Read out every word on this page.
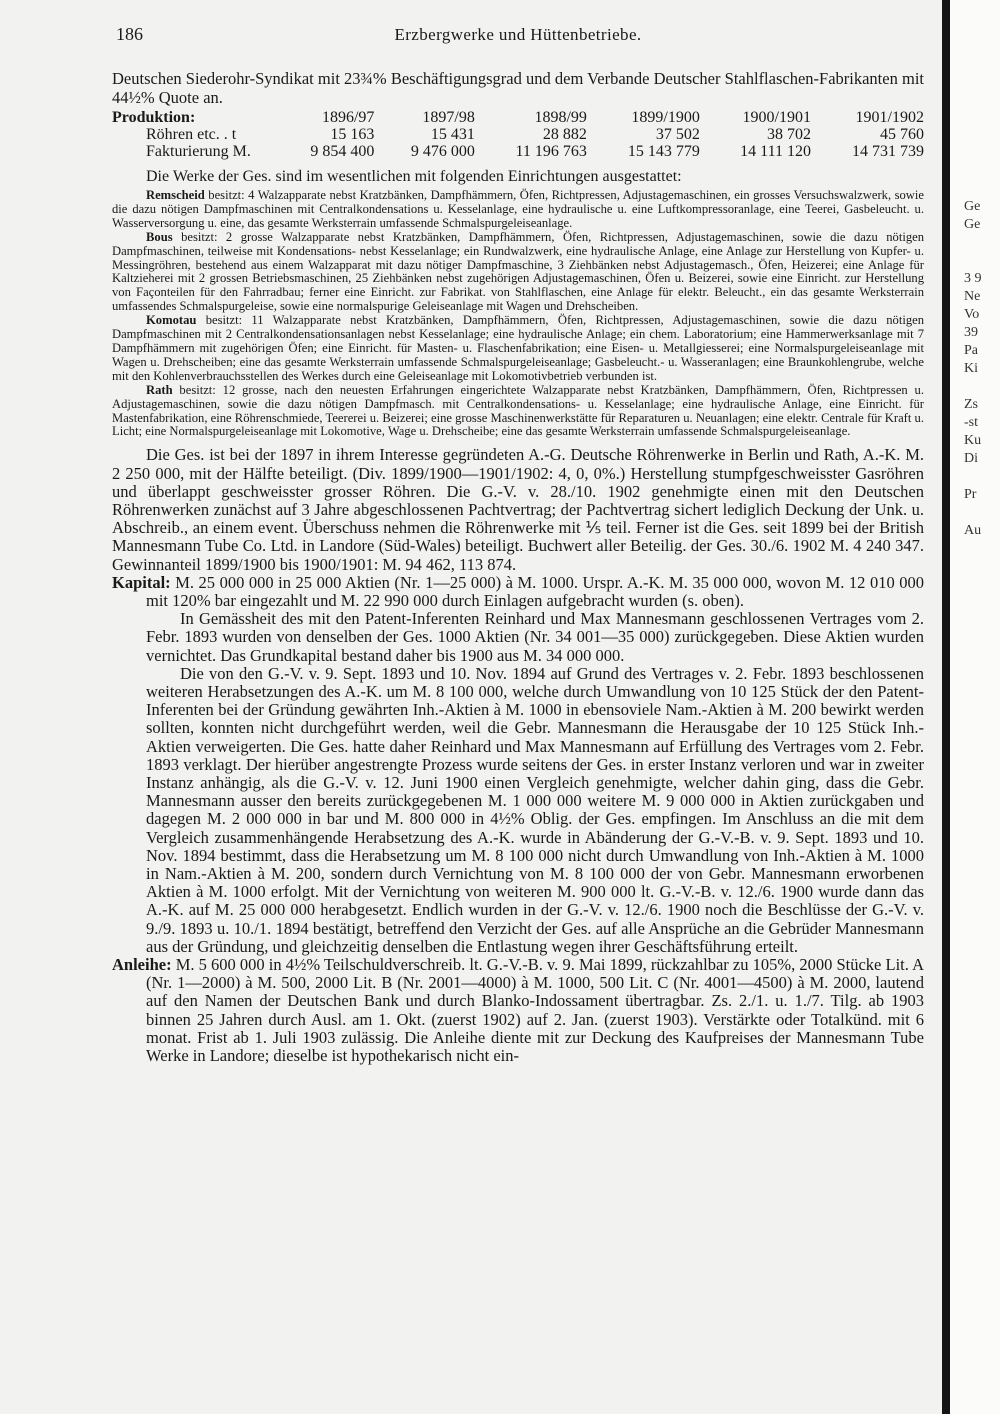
Ge
Ge
3 9
Ne
Vo
39
Pa
Ki
Zs
-st
Ku
Di
Pr
Au
186	Erzbergwerke und Hüttenbetriebe.

Deutschen Siederohr-Syndikat mit 23¾% Beschäftigungsgrad und dem Verbande Deutscher Stahlflaschen-Fabrikanten mit 44½% Quote an.

Produktion:	1896/97	1897/98	1898/99	1899/1900	1900/1901	1901/1902
Röhren etc. . t	15 163	15 431	28 882	37 502	38 702	45 760
Fakturierung M.	9 854 400	9 476 000	11 196 763	15 143 779	14 111 120	14 731 739

Die Werke der Ges. sind im wesentlichen mit folgenden Einrichtungen ausgestattet:

Remscheid besitzt: 4 Walzapparate nebst Kratzbänken, Dampfhämmern, Öfen, Richtpressen, Adjustagemaschinen, ein grosses Versuchswalzwerk, sowie die dazu nötigen Dampfmaschinen mit Centralkondensations u. Kesselanlage, eine hydraulische u. eine Luftkompressoranlage, eine Teerei, Gasbeleucht. u. Wasserversorgung u. eine, das gesamte Werksterrain umfassende Schmalspurgeleiseanlage.

Bous besitzt: 2 grosse Walzapparate nebst Kratzbänken, Dampfhämmern, Öfen, Richtpressen, Adjustagemaschinen, sowie die dazu nötigen Dampfmaschinen, teilweise mit Kondensations- nebst Kesselanlage; ein Rundwalzwerk, eine hydraulische Anlage, eine Anlage zur Herstellung von Kupfer- u. Messingröhren, bestehend aus einem Walzapparat mit dazu nötiger Dampfmaschine, 3 Ziehbänken nebst Adjustagemasch., Öfen, Heizerei; eine Anlage für Kaltzieherei mit 2 grossen Betriebsmaschinen, 25 Ziehbänken nebst zugehörigen Adjustagemaschinen, Öfen u. Beizerei, sowie eine Einricht. zur Herstellung von Façonteilen für den Fahrradbau; ferner eine Einricht. zur Fabrikat. von Stahlflaschen, eine Anlage für elektr. Beleucht., ein das gesamte Werksterrain umfassendes Schmalspurgeleise, sowie eine normalspurige Geleiseanlage mit Wagen und Drehscheiben.

Komotau besitzt: 11 Walzapparate nebst Kratzbänken, Dampfhämmern, Öfen, Richtpressen, Adjustagemaschinen, sowie die dazu nötigen Dampfmaschinen mit 2 Centralkondensationsanlagen nebst Kesselanlage; eine hydraulische Anlage; ein chem. Laboratorium; eine Hammerwerksanlage mit 7 Dampfhämmern mit zugehörigen Öfen; eine Einricht. für Masten- u. Flaschenfabrikation; eine Eisen- u. Metallgiesserei; eine Normalspurgeleiseanlage mit Wagen u. Drehscheiben; eine das gesamte Werksterrain umfassende Schmalspurgeleiseanlage; Gasbeleucht.- u. Wasseranlagen; eine Braunkohlengrube, welche mit den Kohlenverbrauchsstellen des Werkes durch eine Geleiseanlage mit Lokomotivbetrieb verbunden ist.

Rath besitzt: 12 grosse, nach den neuesten Erfahrungen eingerichtete Walzapparate nebst Kratzbänken, Dampfhämmern, Öfen, Richtpressen u. Adjustagemaschinen, sowie die dazu nötigen Dampfmasch. mit Centralkondensations- u. Kesselanlage; eine hydraulische Anlage, eine Einricht. für Mastenfabrikation, eine Röhrenschmiede, Teererei u. Beizerei; eine grosse Maschinenwerkstätte für Reparaturen u. Neuanlagen; eine elektr. Centrale für Kraft u. Licht; eine Normalspurgeleiseanlage mit Lokomotive, Wage u. Drehscheibe; eine das gesamte Werksterrain umfassende Schmalspurgeleiseanlage.

Die Ges. ist bei der 1897 in ihrem Interesse gegründeten A.-G. Deutsche Röhrenwerke in Berlin und Rath, A.-K. M. 2 250 000, mit der Hälfte beteiligt. (Div. 1899/1900—1901/1902: 4, 0, 0%.) Herstellung stumpfgeschweisster Gasröhren und überlappt geschweisster grosser Röhren. Die G.-V. v. 28./10. 1902 genehmigte einen mit den Deutschen Röhrenwerken zunächst auf 3 Jahre abgeschlossenen Pachtvertrag; der Pachtvertrag sichert lediglich Deckung der Unk. u. Abschreib., an einem event. Überschuss nehmen die Röhrenwerke mit ⅕ teil. Ferner ist die Ges. seit 1899 bei der British Mannesmann Tube Co. Ltd. in Landore (Süd-Wales) beteiligt. Buchwert aller Beteilig. der Ges. 30./6. 1902 M. 4 240 347. Gewinnanteil 1899/1900 bis 1900/1901: M. 94 462, 113 874.

Kapital: M. 25 000 000 in 25 000 Aktien (Nr. 1—25 000) à M. 1000. Urspr. A.-K. M. 35 000 000, wovon M. 12 010 000 mit 120% bar eingezahlt und M. 22 990 000 durch Einlagen aufgebracht wurden (s. oben).

In Gemässheit des mit den Patent-Inferenten Reinhard und Max Mannesmann geschlossenen Vertrages vom 2. Febr. 1893 wurden von denselben der Ges. 1000 Aktien (Nr. 34 001—35 000) zurückgegeben. Diese Aktien wurden vernichtet. Das Grundkapital bestand daher bis 1900 aus M. 34 000 000.

Die von den G.-V. v. 9. Sept. 1893 und 10. Nov. 1894 auf Grund des Vertrages v. 2. Febr. 1893 beschlossenen weiteren Herabsetzungen des A.-K. um M. 8 100 000, welche durch Umwandlung von 10 125 Stück der den Patent-Inferenten bei der Gründung gewährten Inh.-Aktien à M. 1000 in ebensoviele Nam.-Aktien à M. 200 bewirkt werden sollten, konnten nicht durchgeführt werden, weil die Gebr. Mannesmann die Herausgabe der 10 125 Stück Inh.-Aktien verweigerten. Die Ges. hatte daher Reinhard und Max Mannesmann auf Erfüllung des Vertrages vom 2. Febr. 1893 verklagt. Der hierüber angestrengte Prozess wurde seitens der Ges. in erster Instanz verloren und war in zweiter Instanz anhängig, als die G.-V. v. 12. Juni 1900 einen Vergleich genehmigte, welcher dahin ging, dass die Gebr. Mannesmann ausser den bereits zurückgegebenen M. 1 000 000 weitere M. 9 000 000 in Aktien zurückgaben und dagegen M. 2 000 000 in bar und M. 800 000 in 4½% Oblig. der Ges. empfingen. Im Anschluss an die mit dem Vergleich zusammenhängende Herabsetzung des A.-K. wurde in Abänderung der G.-V.-B. v. 9. Sept. 1893 und 10. Nov. 1894 bestimmt, dass die Herabsetzung um M. 8 100 000 nicht durch Umwandlung von Inh.-Aktien à M. 1000 in Nam.-Aktien à M. 200, sondern durch Vernichtung von M. 8 100 000 der von Gebr. Mannesmann erworbenen Aktien à M. 1000 erfolgt. Mit der Vernichtung von weiteren M. 900 000 lt. G.-V.-B. v. 12./6. 1900 wurde dann das A.-K. auf M. 25 000 000 herabgesetzt. Endlich wurden in der G.-V. v. 12./6. 1900 noch die Beschlüsse der G.-V. v. 9./9. 1893 u. 10./1. 1894 bestätigt, betreffend den Verzicht der Ges. auf alle Ansprüche an die Gebrüder Mannesmann aus der Gründung, und gleichzeitig denselben die Entlastung wegen ihrer Geschäftsführung erteilt.

Anleihe: M. 5 600 000 in 4½% Teilschuldverschreib. lt. G.-V.-B. v. 9. Mai 1899, rückzahlbar zu 105%, 2000 Stücke Lit. A (Nr. 1—2000) à M. 500, 2000 Lit. B (Nr. 2001—4000) à M. 1000, 500 Lit. C (Nr. 4001—4500) à M. 2000, lautend auf den Namen der Deutschen Bank und durch Blanko-Indossament übertragbar. Zs. 2./1. u. 1./7. Tilg. ab 1903 binnen 25 Jahren durch Ausl. am 1. Okt. (zuerst 1902) auf 2. Jan. (zuerst 1903). Verstärkte oder Totalkünd. mit 6 monat. Frist ab 1. Juli 1903 zulässig. Die Anleihe diente mit zur Deckung des Kaufpreises der Mannesmann Tube Werke in Landore; dieselbe ist hypothekarisch nicht ein-
